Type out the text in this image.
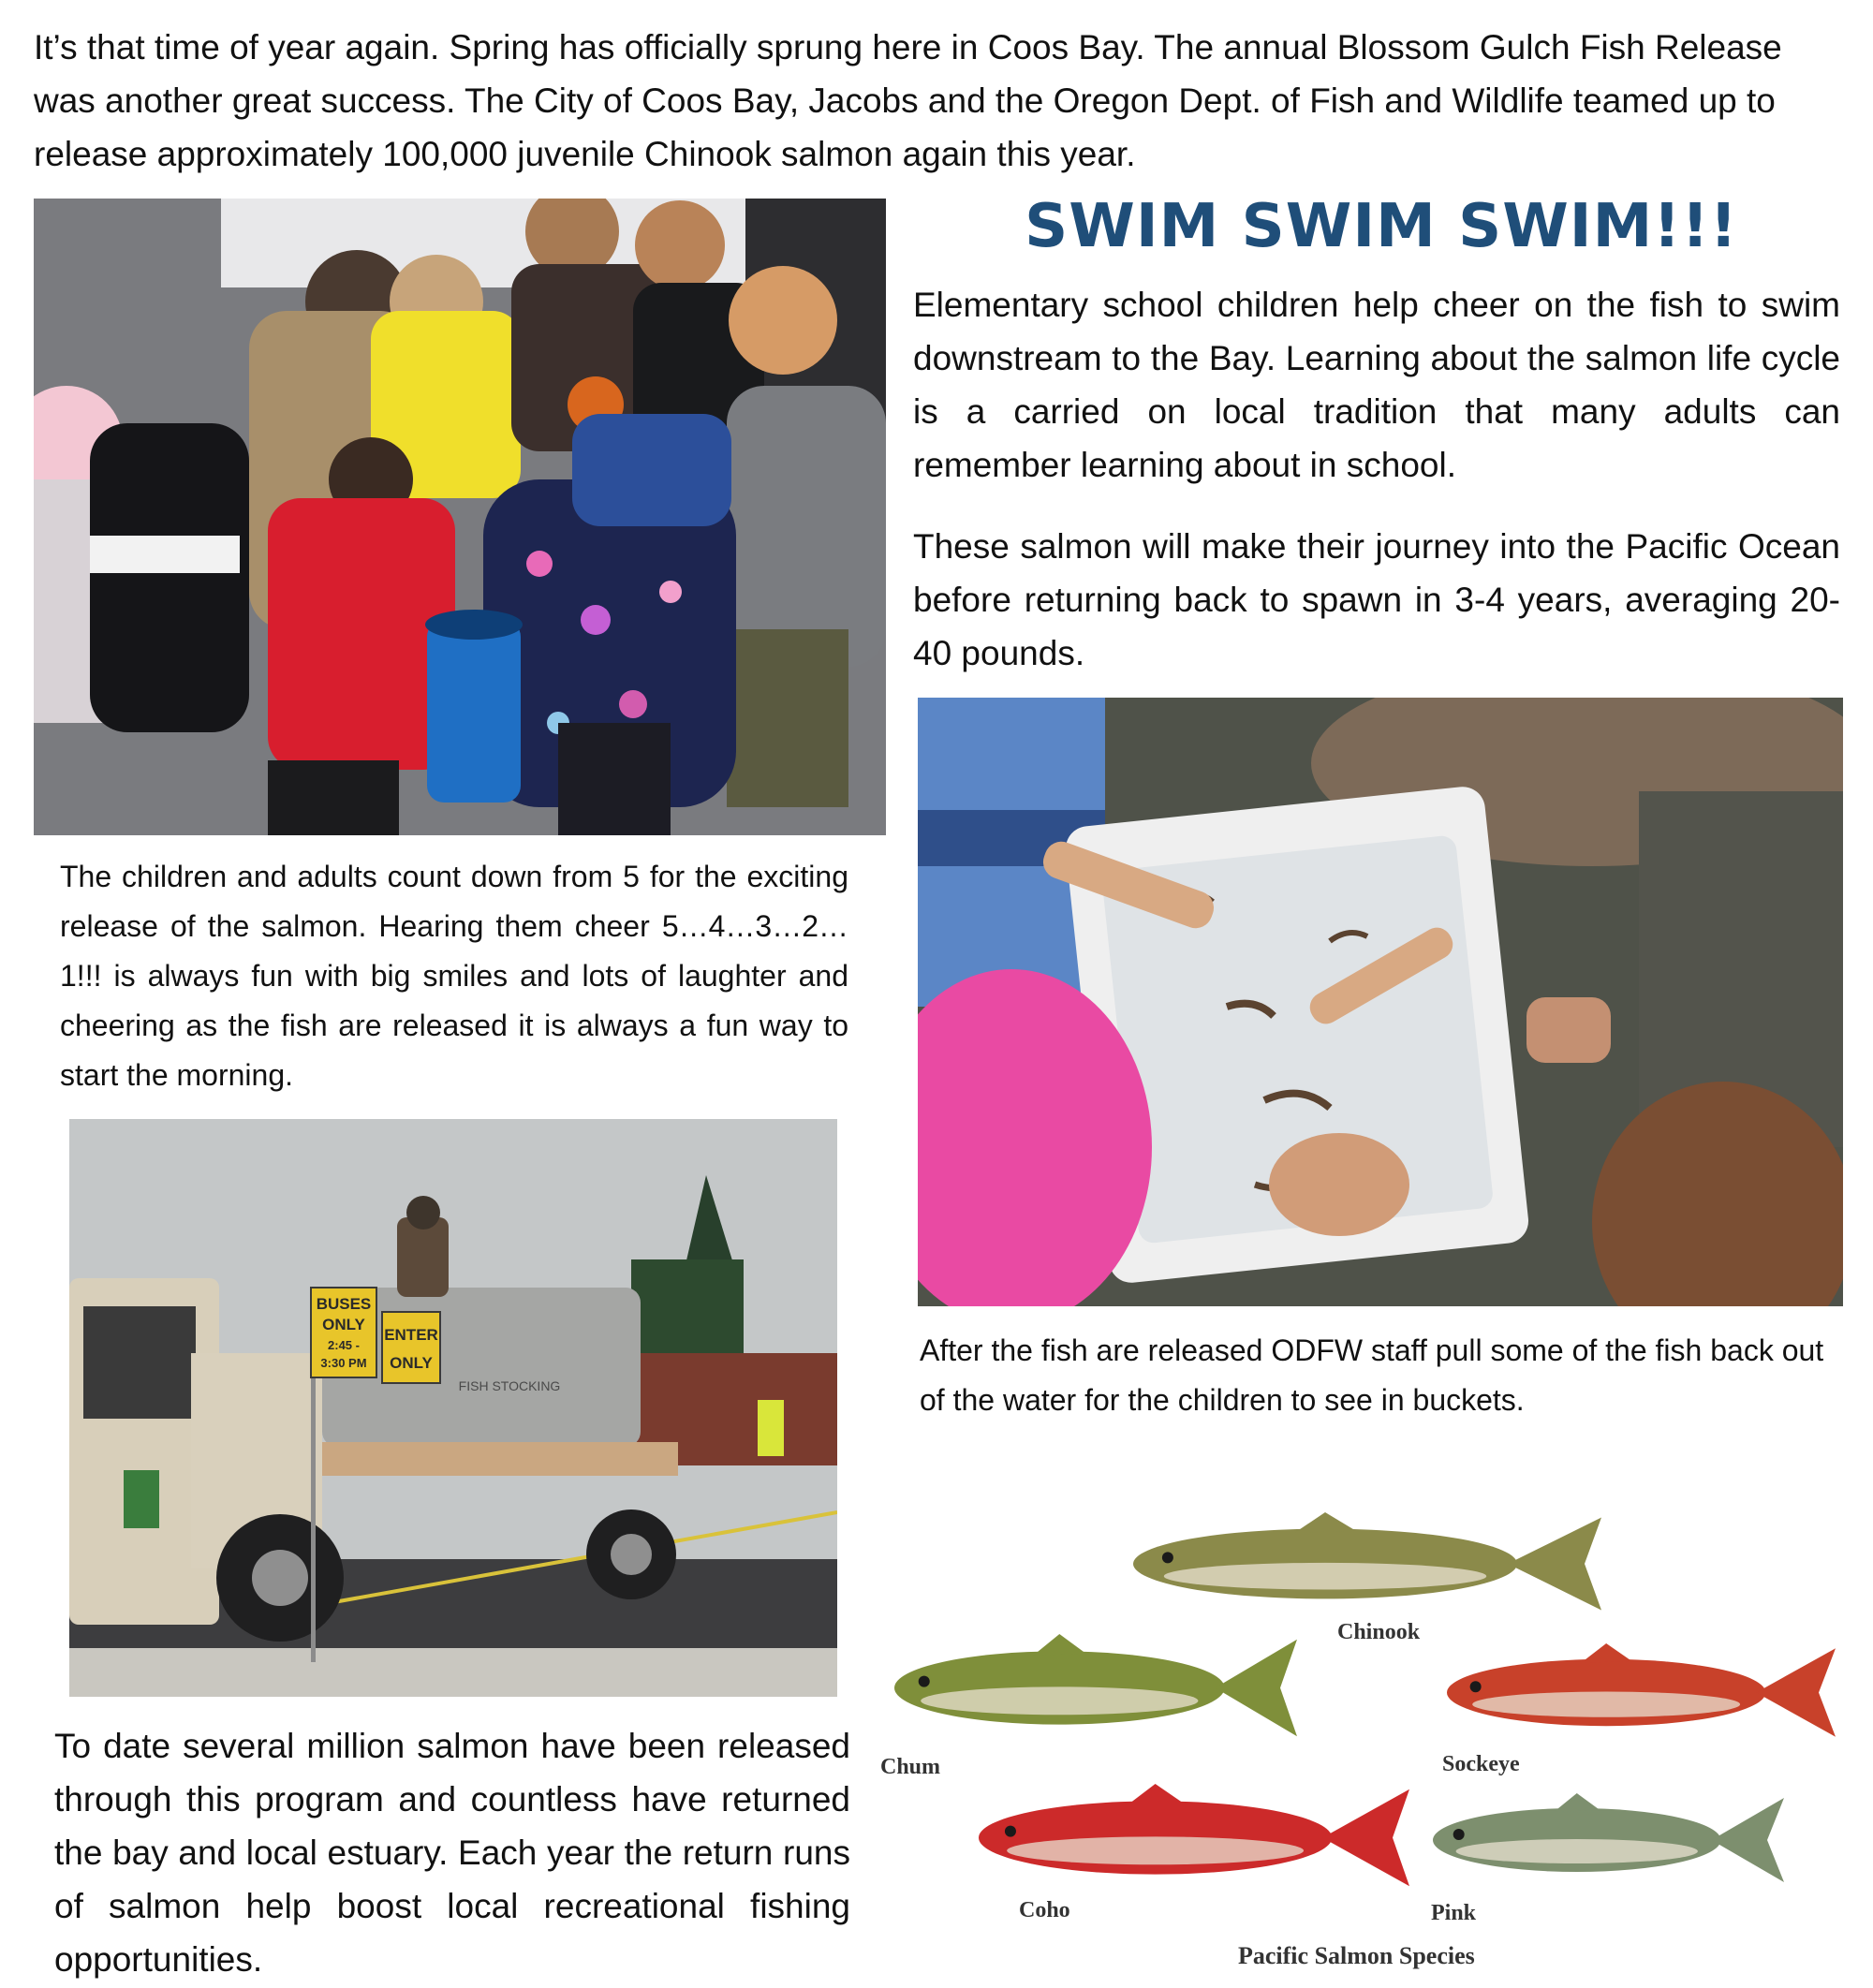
It’s that time of year again. Spring has officially sprung here in Coos Bay. The annual Blossom Gulch Fish Release was another great success. The City of Coos Bay, Jacobs and the Oregon Dept. of Fish and Wildlife teamed up to release approximately 100,000 juvenile Chinook salmon again this year.

SWIM SWIM SWIM!!!

Elementary school children help cheer on the fish to swim downstream to the Bay. Learning about the salmon life cycle is a carried on local tradition that many adults can remember learning about in school.

These salmon will make their journey into the Pacific Ocean before returning back to spawn in 3-4 years, averaging 20-40 pounds.

The children and adults count down from 5 for the exciting release of the salmon. Hearing them cheer 5…4…3…2…1!!! is always fun with big smiles and lots of laughter and cheering as the fish are released it is always a fun way to start the morning.

BUSES
ONLY
2:45 -
3:30 PM
ENTER
ONLY
FISH STOCKING

After the fish are released ODFW staff pull some of the fish back out of the water for the children to see in buckets.

To date several million salmon have been released through this program and countless have returned the bay and local estuary. Each year the return runs of salmon help boost local recreational fishing opportunities.

Chinook
Chum	Sockeye
Coho	Pink
Pacific Salmon Species
